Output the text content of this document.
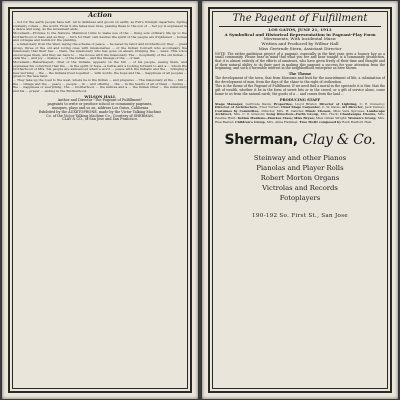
Action

... not for the earth people have left. All is darkness and gloom on earth; as Evil's triumph departure, Spring suddenly comes ... the world. From it she takes new lives, passing these to the son of ... her joy is expressed in a dance and song, as the movement ends.

Movement—Promise to the Nations. Mammon turns to make use of the ... flung sole ordinary life up to the brotherhood of man; and as they ... turn for their own desires the spirit of the people are frightened ... homes and cottages and builds for the planting.

... a missionary from the West, laying the scheme of peace ... he saved by labor and brotherhood: they ... great group, three of the old and loving ones with missionaries ... of the Indian Convert who accompany the missionary that their few ... them, the missionary who has gone on ahead, bringing the ... news. This voice encourages them, and they set back to ... the house with the missionary. The ... hospitality of the old Indian ... calls the ... and joy ... makes a ... of the Indian ... and the lineage of the ... of fear.

Movement—Habermeyert, chief of the Indians, appears on the hill ... of his people, seeing them, and expresses his conviction that the ... in the spirit of hope—a battle and a looking forward to and a ... whom the brotherhood of Mrs. Six people are announced when a word ... peace with the Indians and the ... bringing a new morning ... the ... the Indians lived together ... with words, the hope and the ... happiness of all peoples ... given to the new land.

... They take up the road to the west, where he is the Indian ... and prepares ... The missionary at the ... hill ... the ... village and the ... peace ... people ... in ... and offering ... the ... in the hearts of all of them ... Spring ... the ... happiness of everything. The ... brotherhood ... the natives and a ... the Indian Chief ... the missionary and his ... prayer ... ending in the Brotherhood.

WILSON HALL
Author and Director "The Pageant of Fulfillment"
pageants to write or produce school or community pageants,
masques, plays and so on, address Los Gatos, California
Exhibited by the AUXETOPHONE, made by the Victor Talking Machine
Co. of the Victor Talking Machine Co., Courtesy of SHERMAN,
CLAY & CO., of San Jose and San Francisco.
The Pageant of Fulfillment
LOS GATOS, JUNE 21, 1913
A Symbolical and Historical Representation in Pageant-Play Form
Movements, With Incidental Music
Written and Produced by Wilbur Hall
Miss Gertrude Stern, Assistant Director

NOTE: The rather ambitious project of a pageant, especially in the first year, gets a bouncy boy as a small community. Please bear in mind that what you see and hear tonight is a community production, that it is almost entirely of the efforts of amateurs, who have given freely of their time and thought and of their natural ability to do their part in making this pageant a success for your attention from the beginning, and such a favorable interest in the neighborhood enterprise as here shown.

The Theme

The development of the town, that from blossoms and fruit for the nourishment of life, a culmination of the development of man, from the days of the chase to the right of civilization.

This is the theme of the Pageant of Fulfillment. If we need find a moral in the spectacle it is this: that the gift of wealth, whether it be in the form of sweet bits or in the crowd, or a gift of service alone, come home to us from the natural earth; the goods of a ... and comes from the land ...

PRODUCING STAFF
Stage Manager, Gertrude Davis; Properties, Lloyd Bristol; Director of Lighting, C. E. Pomeroy; Director of Architecture, Fred Turner; Chief Stage Carpenter, C. W. Davis; Art Director, Jack Tenney; Costumes by Committee, Director, Mrs. H. Gabriel; Music Chosen, Miss Vera Sprouse; Landscape Architect, Mrs. C. P. Grissom; Song Direction—Earth Group, Mrs. Huck; Chautauqua Chorus, Mrs. Pauline Hunt; Indian Maidens—Hawkes Class; Miss Bryan; Miss Lillian Wright; Woman's Group, Mrs. Elsa Baxter; Children's Group, Mrs. Alma Hammet. Tree Motif composed by Ruth Radford Hall.
Sherman, Clay & Co.
Steinway and other Pianos
Pianolas and Player Rolls
Robert Morton Organs
Victrolas and Records
Fotoplayers
190-192 So. First St., San Jose
